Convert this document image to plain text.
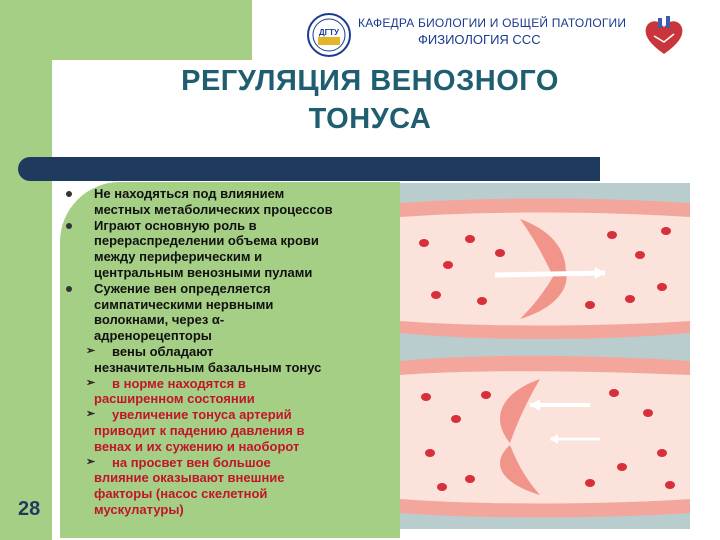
ДГТУ
КАФЕДРА БИОЛОГИИ И ОБЩЕЙ ПАТОЛОГИИ
ФИЗИОЛОГИЯ ССС
РЕГУЛЯЦИЯ ВЕНОЗНОГО
ТОНУСА
Не находяться под влиянием
местных метаболических процессов
Играют основную роль в
перераспределении объема крови
между периферическим и
центральным венозными пулами
Сужение вен определяется
симпатическими нервными
волокнами, через α-
адренорецепторы
➢ вены обладают
незначительным базальным тонус
➢ в норме находятся в
расширенном состоянии
➢ увеличение тонуса артерий
приводит к падению давления в
венах и их сужению и наоборот
➢ на просвет вен большое
влияние оказывают внешние
факторы (насос скелетной
мускулатуры)
28
